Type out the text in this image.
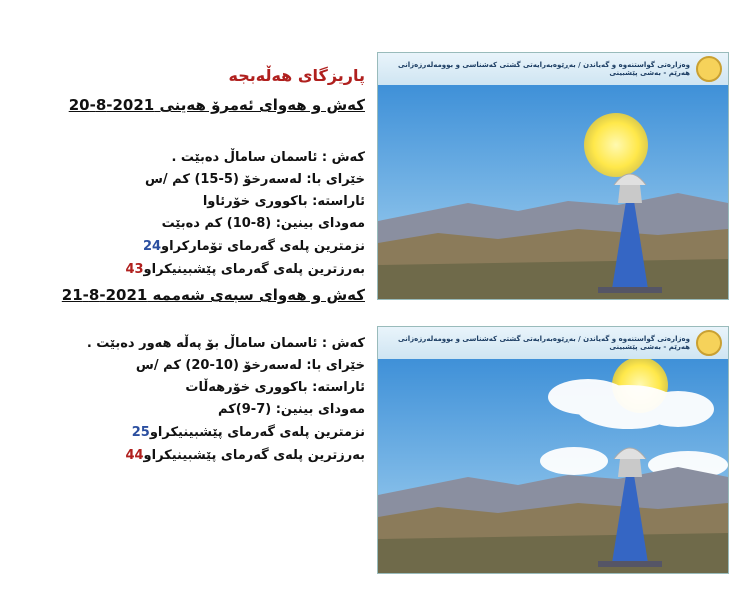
پاریزگای هەڵەبجە
کەش و هەوای ئەمرۆ هەینی 2021-8-20
کەش : ئاسمان ساماڵ دەبێت .
خێرای با: لەسەرخۆ (5-15) کم /س
ئاراستە: باکووری خۆرئاوا
مەودای بینین: (8-10) کم دەبێت
نزمترین پلەی گەرمای تۆمارکراو24
بەرزترین پلەی گەرمای پێشبینیکراو43
کەش و هەوای سبەی شەممە 2021-8-21
کەش : ئاسمان ساماڵ بۆ پەڵە هەور دەبێت .
خێرای با: لەسەرخۆ (10-20) کم /س
ئاراستە: باکووری خۆرهەڵات
مەودای بینین: (7-9)کم
نزمترین پلەی گەرمای پێشبینیکراو25
بەرزترین پلەی گەرمای پێشبینیکراو44
وەزارەتی گواستنەوە و گەیاندن / بەڕێوەبەرایەتی گشتی کەشناسی و بوومەلەرزەزانی هەرێم - بەشی پێشبینی
وەزارەتی گواستنەوە و گەیاندن / بەڕێوەبەرایەتی گشتی کەشناسی و بوومەلەرزەزانی هەرێم - بەشی پێشبینی
